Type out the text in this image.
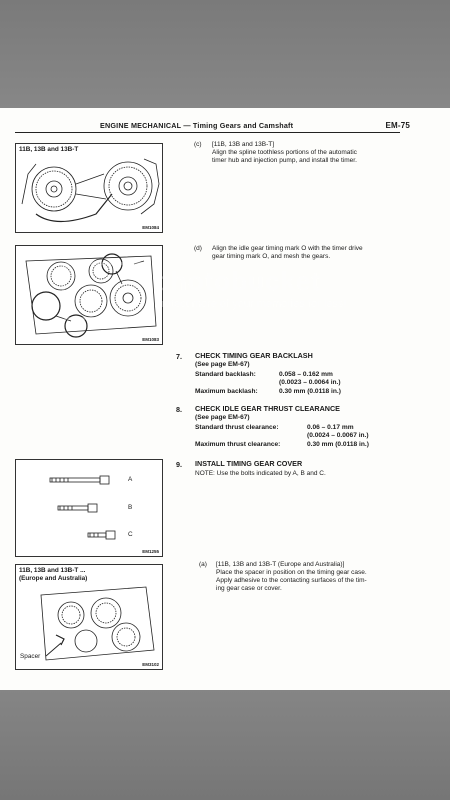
ENGINE MECHANICAL — Timing Gears and Camshaft	EM-75
11B, 13B and 13B-T
EM1084
EM1083
A
B
C
EM1255
11B, 13B and 13B-T ...
(Europe and Australia)
Spacer
EM3102
(c) [11B, 13B and 13B-T]
Align the spline toothless portions of the automatic
timer hub and injection pump, and install the timer.
(d) Align the idle gear timing mark O with the timer drive
gear timing mark O, and mesh the gears.
7. CHECK TIMING GEAR BACKLASH
(See page EM-67)
Standard backlash:	0.058 – 0.162 mm
(0.0023 – 0.0064 in.)
Maximum backlash:	0.30 mm (0.0118 in.)
8. CHECK IDLE GEAR THRUST CLEARANCE
(See page EM-67)
Standard thrust clearance:	0.06 – 0.17 mm
(0.0024 – 0.0067 in.)
Maximum thrust clearance:	0.30 mm (0.0118 in.)
9. INSTALL TIMING GEAR COVER
NOTE: Use the bolts indicated by A, B and C.
(a) [11B, 13B and 13B-T (Europe and Australia)]
Place the spacer in position on the timing gear case.
Apply adhesive to the contacting surfaces of the tim-
ing gear case or cover.
photobucket
Protect more of your memories for less!
